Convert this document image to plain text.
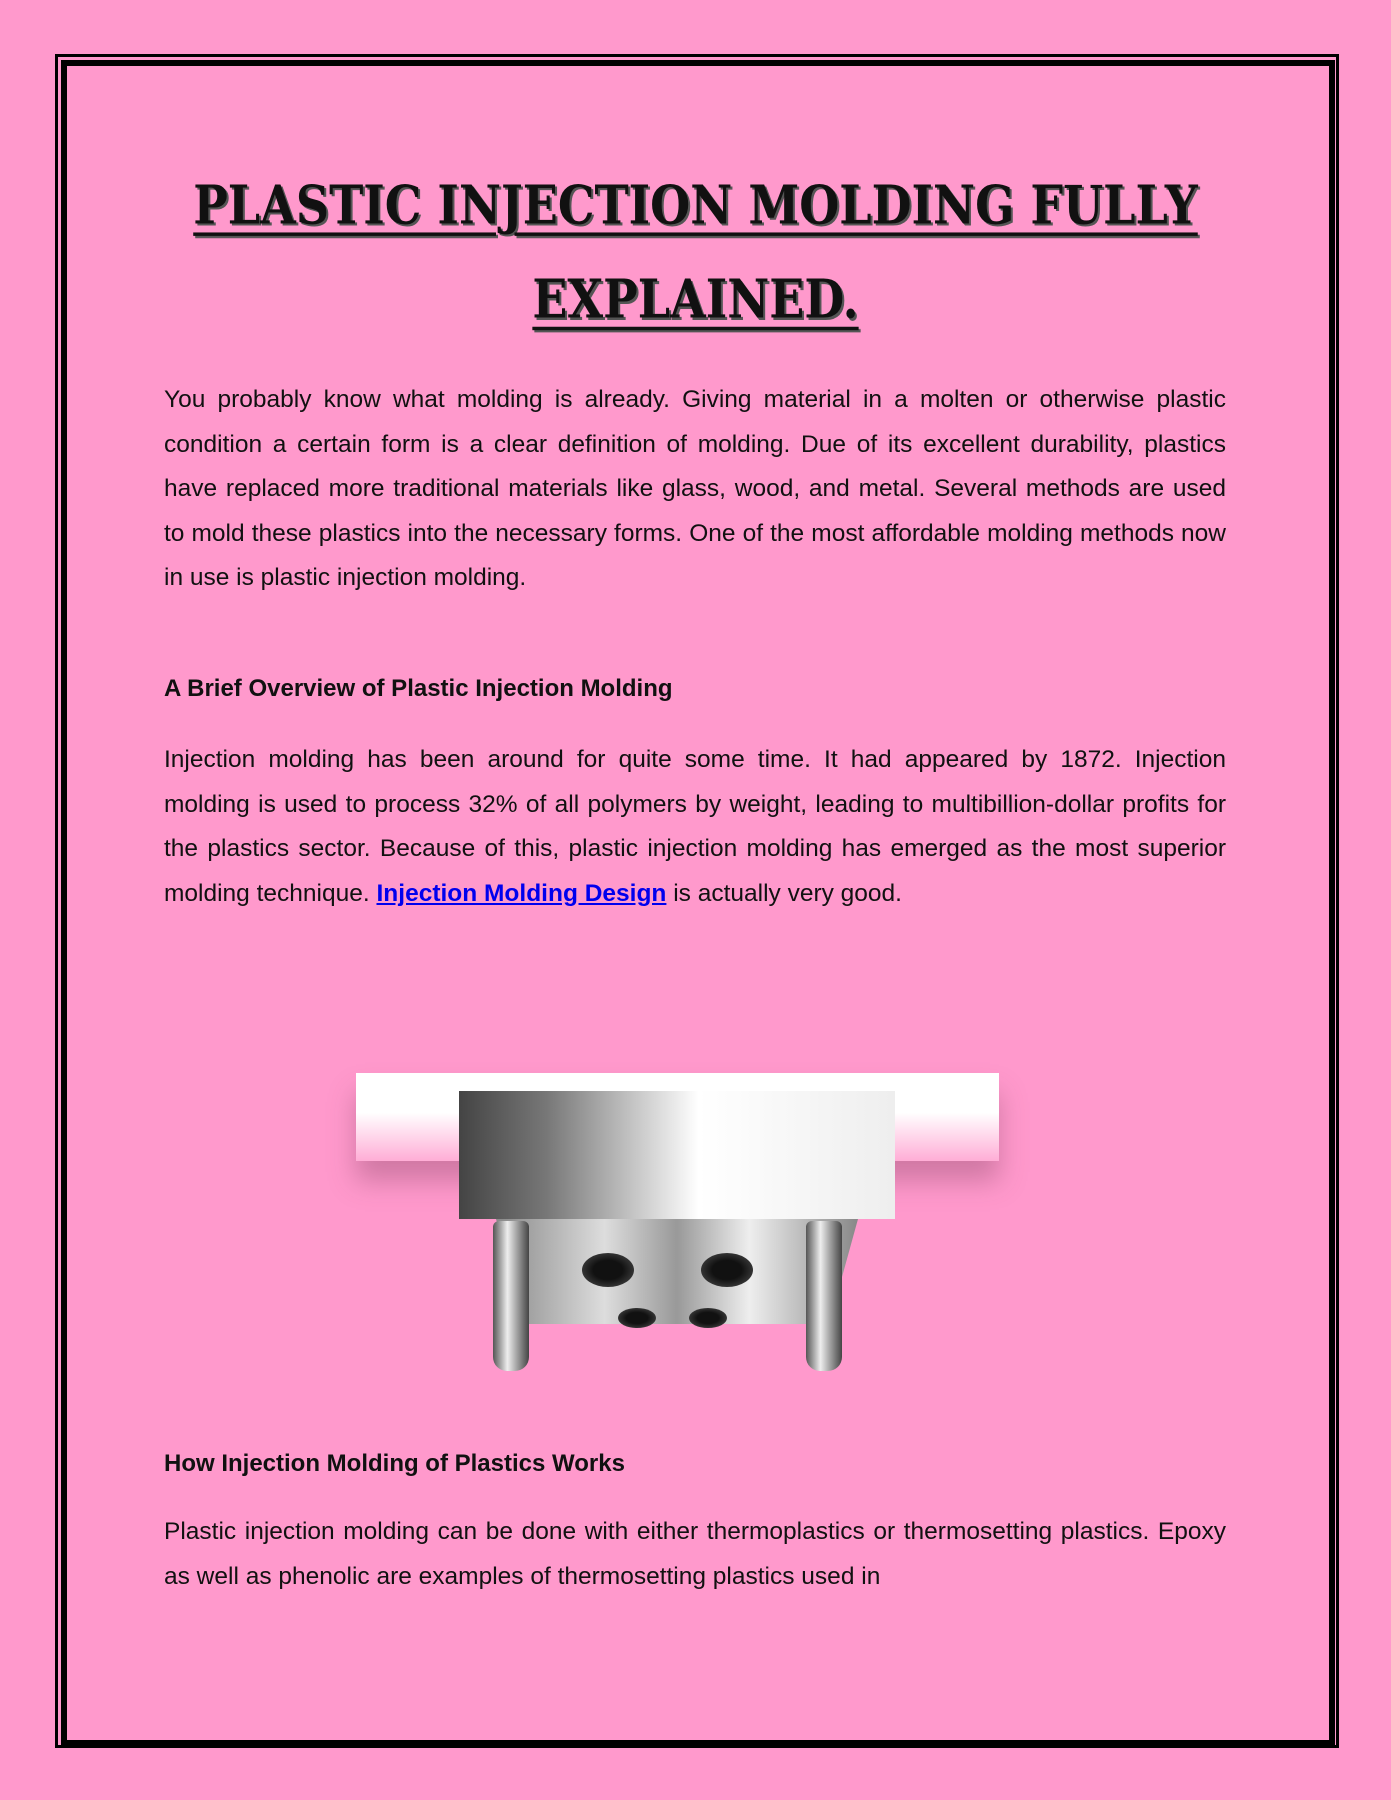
PLASTIC INJECTION MOLDING FULLY
EXPLAINED.
You probably know what molding is already. Giving material in a molten or otherwise plastic condition a certain form is a clear definition of molding. Due of its excellent durability, plastics have replaced more traditional materials like glass, wood, and metal. Several methods are used to mold these plastics into the necessary forms. One of the most affordable molding methods now in use is plastic injection molding.
A Brief Overview of Plastic Injection Molding
Injection molding has been around for quite some time. It had appeared by 1872. Injection molding is used to process 32% of all polymers by weight, leading to multibillion-dollar profits for the plastics sector. Because of this, plastic injection molding has emerged as the most superior molding technique. Injection Molding Design is actually very good.
How Injection Molding of Plastics Works
Plastic injection molding can be done with either thermoplastics or thermosetting plastics. Epoxy as well as phenolic are examples of thermosetting plastics used in
